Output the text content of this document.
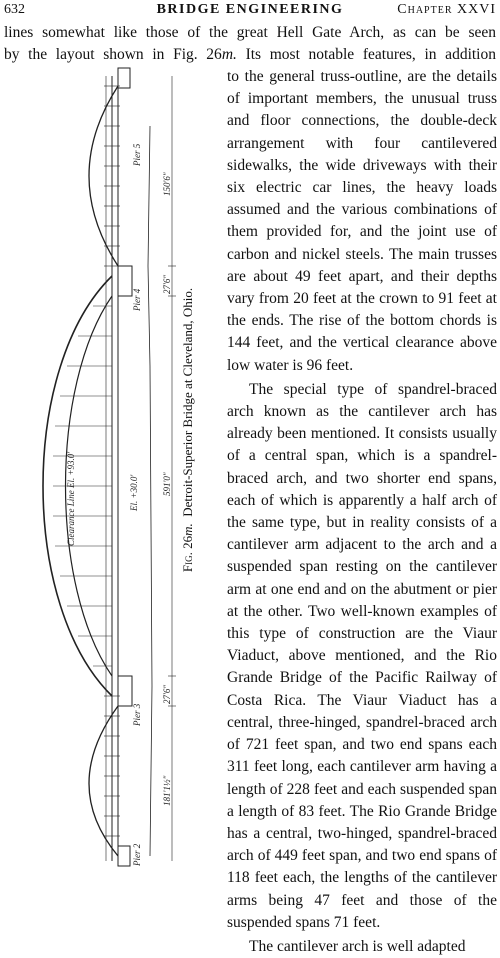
632	BRIDGE ENGINEERING	Chapter XXVI
lines somewhat like those of the great Hell Gate Arch, as can be seen
by the layout shown in Fig. 26m. Its most notable features, in addition

to the general truss-outline, are the details of important members, the unusual truss and floor connections, the double-deck arrangement with four cantilevered sidewalks, the wide driveways with their six electric car lines, the heavy loads assumed and the various combinations of them provided for, and the joint use of carbon and nickel steels. The main trusses are about 49 feet apart, and their depths vary from 20 feet at the crown to 91 feet at the ends. The rise of the bottom chords is 144 feet, and the vertical clearance above low water is 96 feet.

The special type of spandrel-braced arch known as the cantilever arch has already been mentioned. It consists usually of a central span, which is a spandrel-braced arch, and two shorter end spans, each of which is apparently a half arch of the same type, but in reality consists of a cantilever arm adjacent to the arch and a suspended span resting on the cantilever arm at one end and on the abutment or pier at the other. Two well-known examples of this type of construction are the Viaur Viaduct, above mentioned, and the Rio Grande Bridge of the Pacific Railway of Costa Rica. The Viaur Viaduct has a central, three-hinged, spandrel-braced arch of 721 feet span, and two end spans each 311 feet long, each cantilever arm having a length of 228 feet and each suspended span a length of 83 feet. The Rio Grande Bridge has a central, two-hinged, spandrel-braced arch of 449 feet span, and two end spans of 118 feet each, the lengths of the cantilever arms being 47 feet and those of the suspended spans 71 feet.

The cantilever arch is well adapted

Pier 5
Pier 4
Pier 3
Pier 2
150'6"
27'6"
591'0"
27'6"
181'1½"
Clearance Line El. +93.0'	El. +30.0'
Fig. 26m.  Detroit-Superior Bridge at Cleveland, Ohio.
